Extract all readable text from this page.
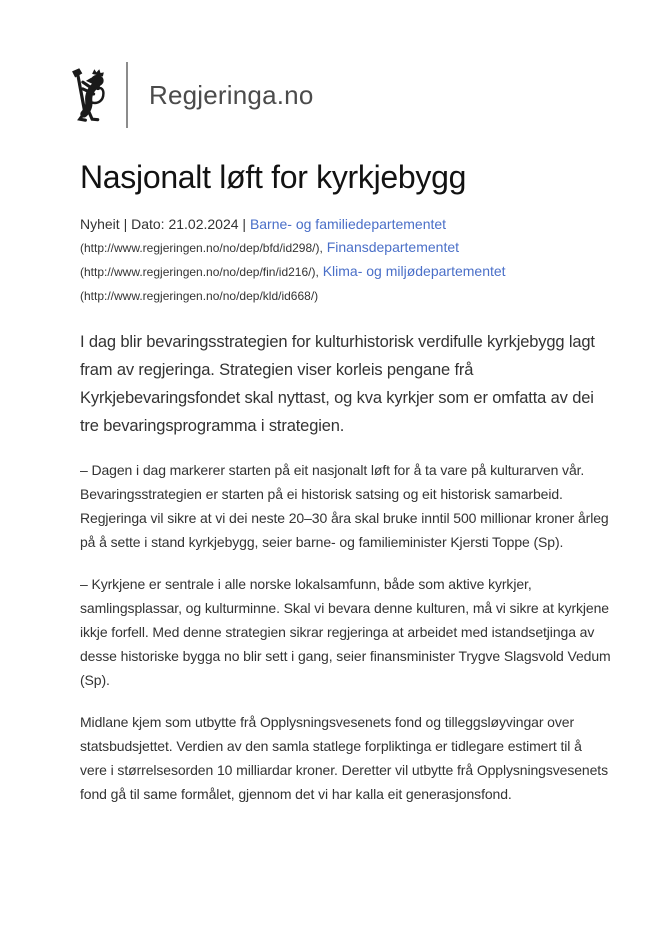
Regjeringa.no
Nasjonalt løft for kyrkjebygg
Nyheit | Dato: 21.02.2024 | Barne- og familiedepartementet
(http://www.regjeringen.no/no/dep/bfd/id298/), Finansdepartementet
(http://www.regjeringen.no/no/dep/fin/id216/), Klima- og miljødepartementet
(http://www.regjeringen.no/no/dep/kld/id668/)

I dag blir bevaringsstrategien for kulturhistorisk verdifulle kyrkjebygg lagt fram av regjeringa. Strategien viser korleis pengane frå Kyrkjebevaringsfondet skal nyttast, og kva kyrkjer som er omfatta av dei tre bevaringsprogramma i strategien.

– Dagen i dag markerer starten på eit nasjonalt løft for å ta vare på kulturarven vår. Bevaringsstrategien er starten på ei historisk satsing og eit historisk samarbeid. Regjeringa vil sikre at vi dei neste 20–30 åra skal bruke inntil 500 millionar kroner årleg på å sette i stand kyrkjebygg, seier barne- og familieminister Kjersti Toppe (Sp).

– Kyrkjene er sentrale i alle norske lokalsamfunn, både som aktive kyrkjer, samlingsplassar, og kulturminne. Skal vi bevara denne kulturen, må vi sikre at kyrkjene ikkje forfell. Med denne strategien sikrar regjeringa at arbeidet med istandsetjinga av desse historiske bygga no blir sett i gang, seier finansminister Trygve Slagsvold Vedum (Sp).

Midlane kjem som utbytte frå Opplysningsvesenets fond og tilleggsløyvingar over statsbudsjettet. Verdien av den samla statlege forpliktinga er tidlegare estimert til å vere i størrelsesorden 10 milliardar kroner. Deretter vil utbytte frå Opplysningsvesenets fond gå til same formålet, gjennom det vi har kalla eit generasjonsfond.
